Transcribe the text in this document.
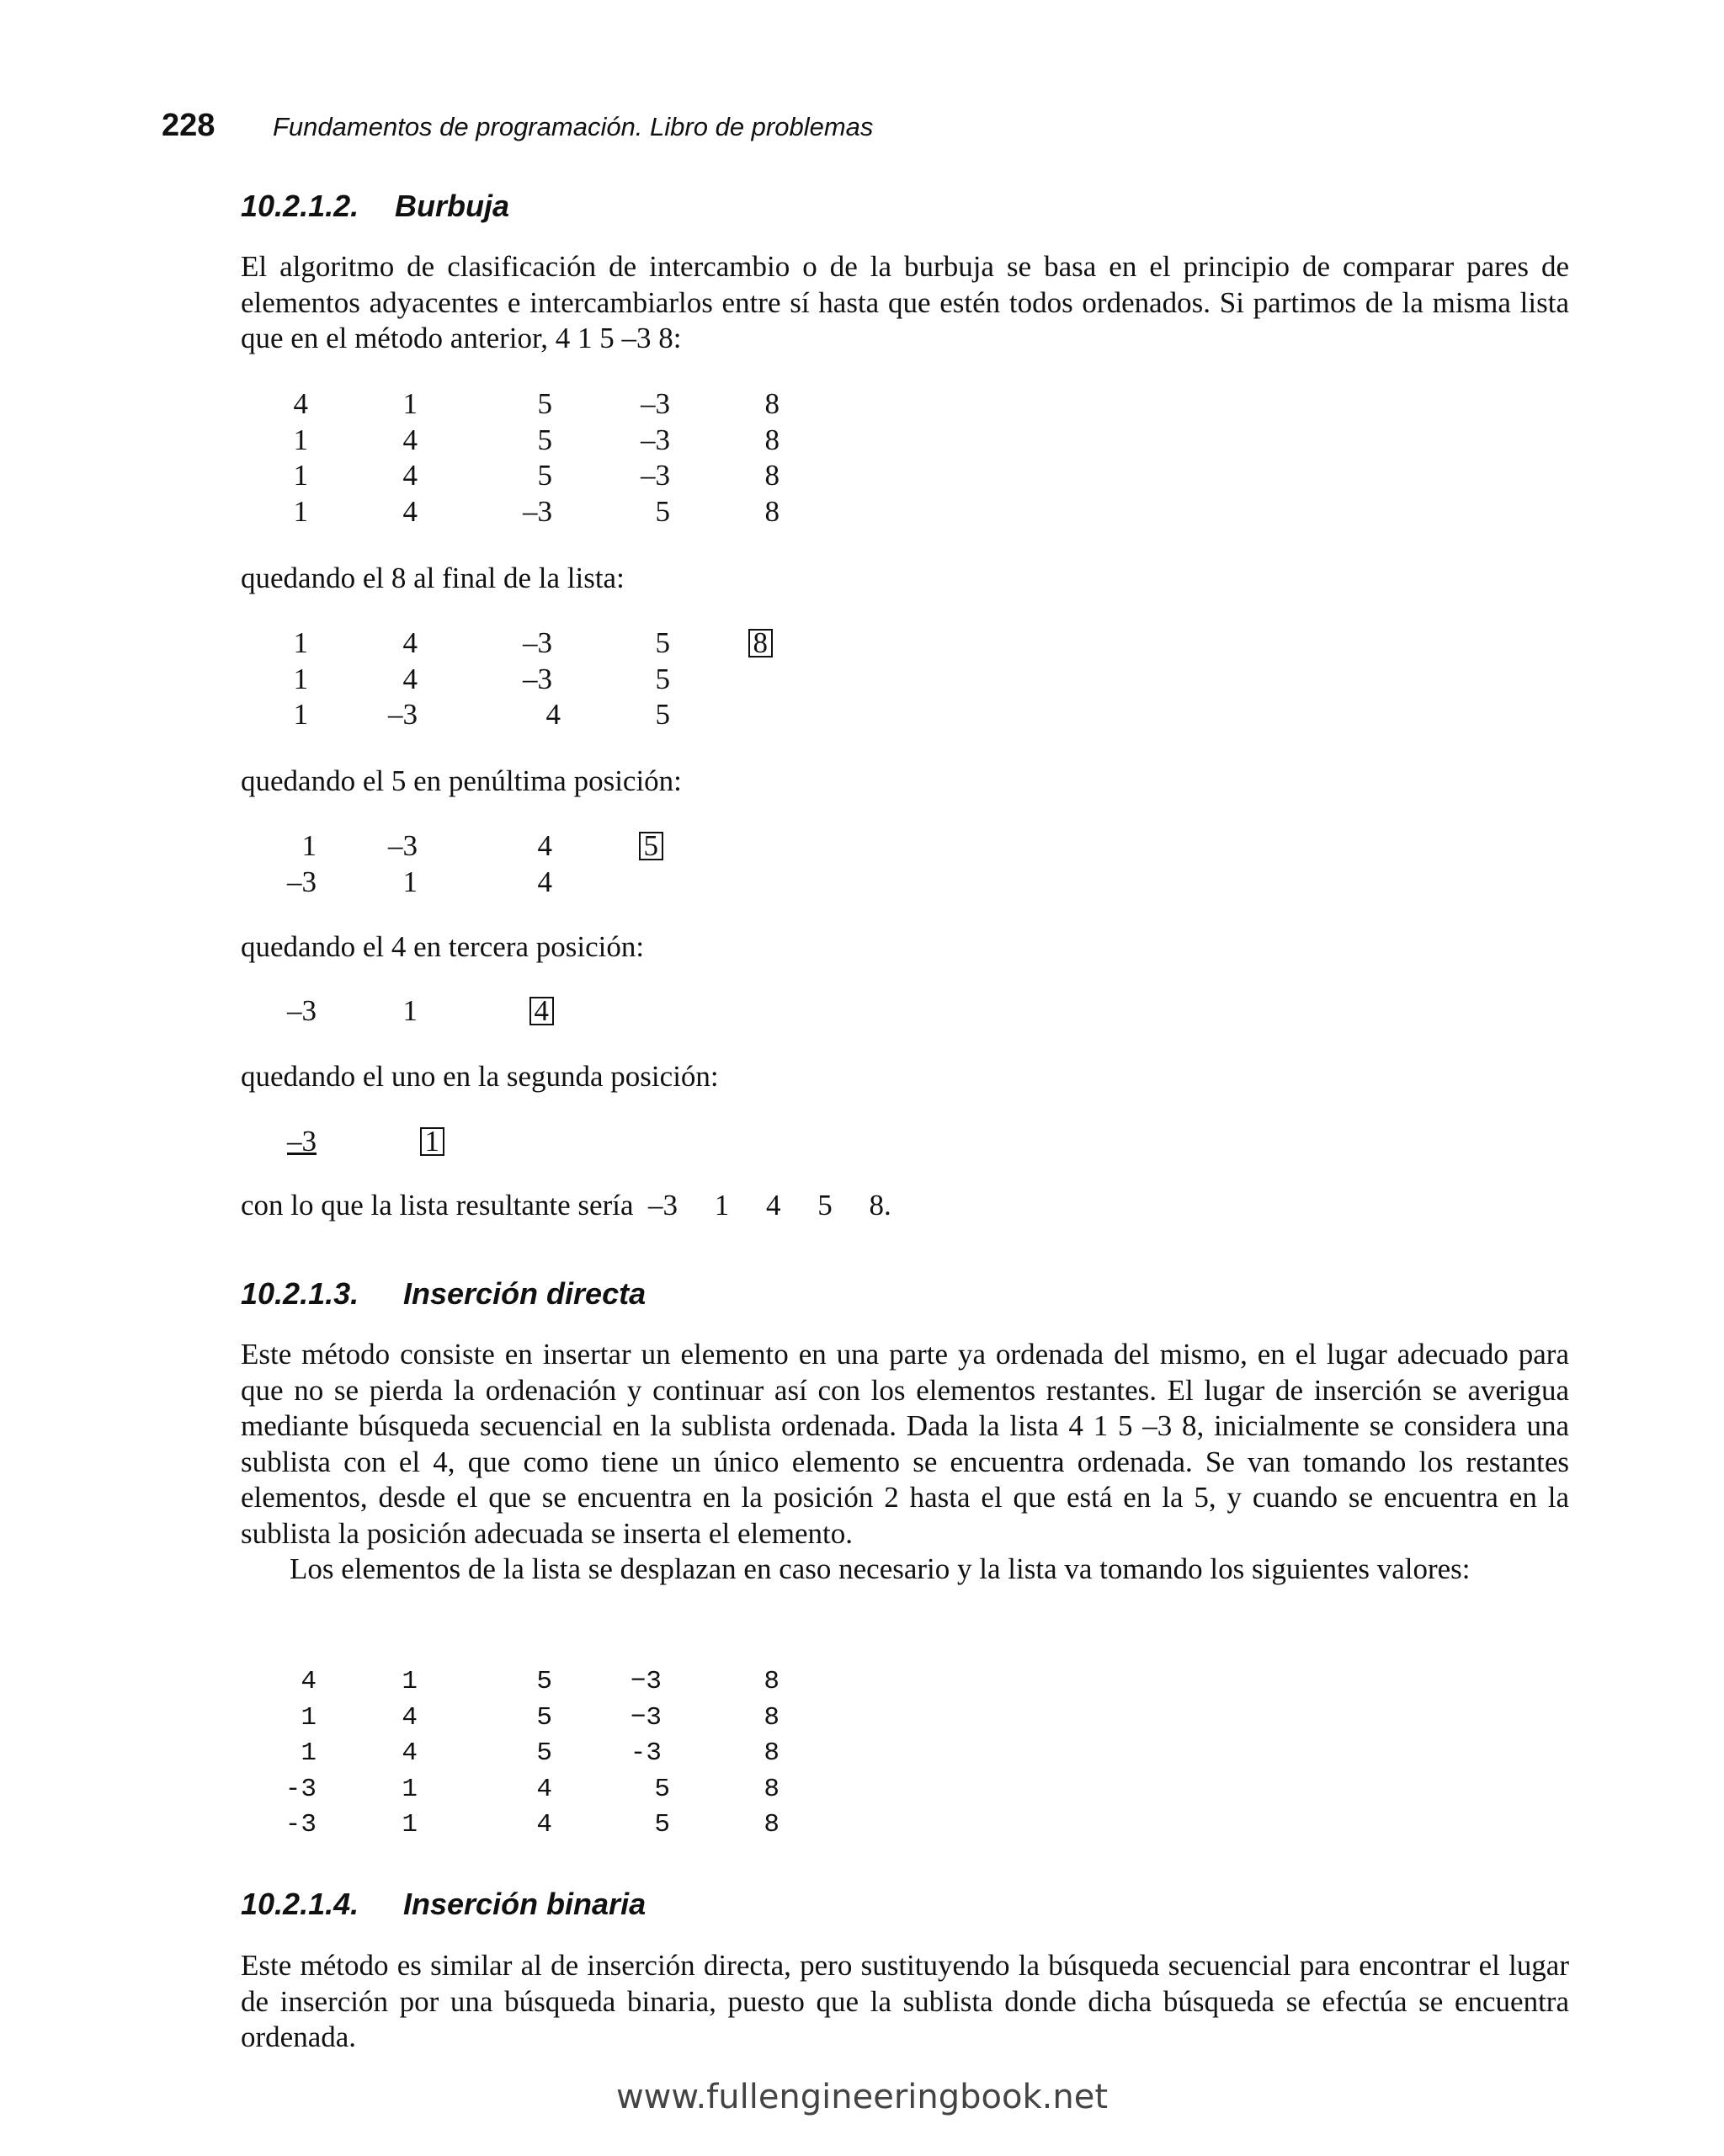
228	Fundamentos de programación. Libro de problemas
10.2.1.2. Burbuja

El algoritmo de clasificación de intercambio o de la burbuja se basa en el principio de comparar pares de elementos adyacentes e intercambiarlos entre sí hasta que estén todos ordenados. Si partimos de la misma lista que en el método anterior, 4 1 5 –3 8:

4	1	5	–3	8
1	4	5	–3	8
1	4	5	–3	8
1	4	–3	5	8
quedando el 8 al final de la lista:
1	4	–3	5	8
1	4	–3	5
1	–3	4	5
quedando el 5 en penúltima posición:
1	–3	4	5
–3	1	4
quedando el 4 en tercera posición:
–3	1	4
quedando el uno en la segunda posición:
–3	1
con lo que la lista resultante sería  –3     1     4     5     8.
10.2.1.3. Inserción directa

Este método consiste en insertar un elemento en una parte ya ordenada del mismo, en el lugar adecuado para que no se pierda la ordenación y continuar así con los elementos restantes. El lugar de inserción se averigua mediante búsqueda secuencial en la sublista ordenada. Dada la lista 4 1 5 –3 8, inicialmente se considera una sublista con el 4, que como tiene un único elemento se encuentra ordenada. Se van tomando los restantes elementos, desde el que se encuentra en la posición 2 hasta el que está en la 5, y cuando se encuentra en la sublista la posición adecuada se inserta el elemento.

Los elementos de la lista se desplazan en caso necesario y la lista va tomando los siguientes valores:

4	1	5	−3	8
1	4	5	−3	8
1	4	5	-3	8
-3	1	4	5	8
-3	1	4	5	8
10.2.1.4. Inserción binaria

Este método es similar al de inserción directa, pero sustituyendo la búsqueda secuencial para encontrar el lugar de inserción por una búsqueda binaria, puesto que la sublista donde dicha búsqueda se efectúa se encuentra ordenada.

www.fullengineeringbook.net
